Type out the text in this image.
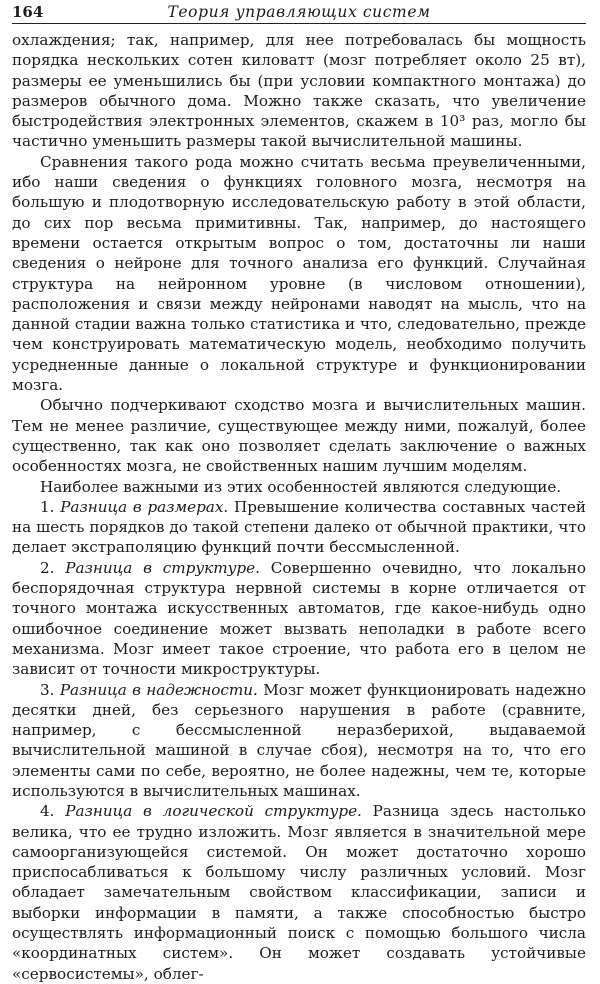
164	Теория управляющих систем

охлаждения; так, например, для нее потребовалась бы мощность порядка нескольких сотен киловатт (мозг потребляет около 25 вт), размеры ее уменьшились бы (при условии компактного монтажа) до размеров обычного дома. Можно также сказать, что увеличение быстродействия электронных элементов, скажем в 10³ раз, могло бы частично уменьшить размеры такой вычислительной машины.

Сравнения такого рода можно считать весьма преувеличенными, ибо наши сведения о функциях головного мозга, несмотря на большую и плодотворную исследовательскую работу в этой области, до сих пор весьма примитивны. Так, например, до настоящего времени остается открытым вопрос о том, достаточны ли наши сведения о нейроне для точного анализа его функций. Случайная структура на нейронном уровне (в числовом отношении), расположения и связи между нейронами наводят на мысль, что на данной стадии важна только статистика и что, следовательно, прежде чем конструировать математическую модель, необходимо получить усредненные данные о локальной структуре и функционировании мозга.

Обычно подчеркивают сходство мозга и вычислительных машин. Тем не менее различие, существующее между ними, пожалуй, более существенно, так как оно позволяет сделать заключение о важных особенностях мозга, не свойственных нашим лучшим моделям.

Наиболее важными из этих особенностей являются следующие.

1. Разница в размерах. Превышение количества составных частей на шесть порядков до такой степени далеко от обычной практики, что делает экстраполяцию функций почти бессмысленной.

2. Разница в структуре. Совершенно очевидно, что локально беспорядочная структура нервной системы в корне отличается от точного монтажа искусственных автоматов, где какое-нибудь одно ошибочное соединение может вызвать неполадки в работе всего механизма. Мозг имеет такое строение, что работа его в целом не зависит от точности микроструктуры.

3. Разница в надежности. Мозг может функционировать надежно десятки дней, без серьезного нарушения в работе (сравните, например, с бессмысленной неразберихой, выдаваемой вычислительной машиной в случае сбоя), несмотря на то, что его элементы сами по себе, вероятно, не более надежны, чем те, которые используются в вычислительных машинах.

4. Разница в логической структуре. Разница здесь настолько велика, что ее трудно изложить. Мозг является в значительной мере самоорганизующейся системой. Он может достаточно хорошо приспосабливаться к большому числу различных условий. Мозг обладает замечательным свойством классификации, записи и выборки информации в памяти, а также способностью быстро осуществлять информационный поиск с помощью большого числа «координатных систем». Он может создавать устойчивые «сервосистемы», облег-
